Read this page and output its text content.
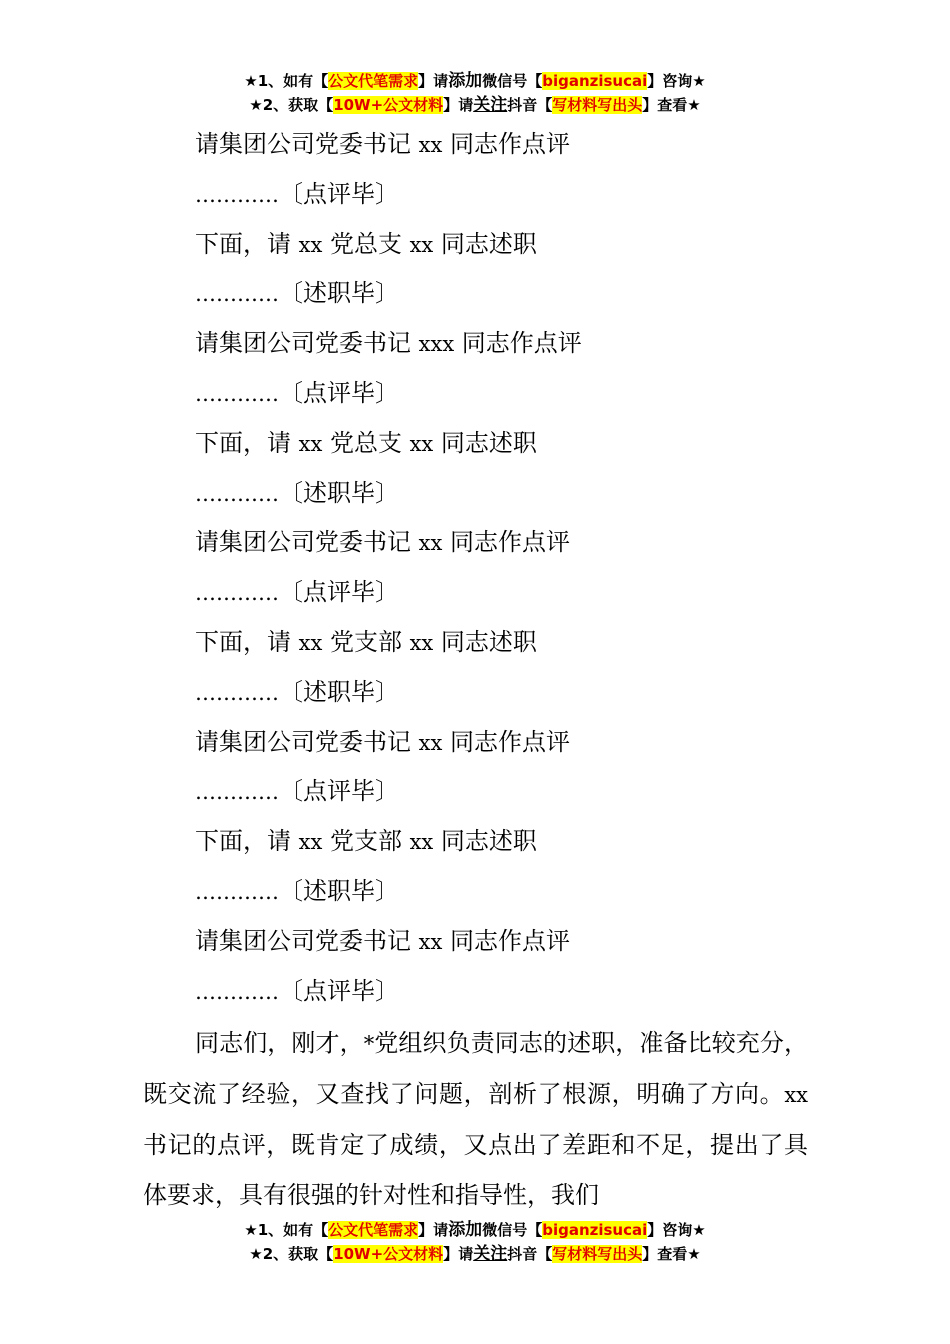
★1、如有【公文代笔需求】请添加微信号【biganzisucai】咨询★
★2、获取【10W+公文材料】请关注抖音【写材料写出头】查看★
请集团公司党委书记 xx 同志作点评
…………〔点评毕〕
下面，请 xx 党总支 xx 同志述职
…………〔述职毕〕
请集团公司党委书记 xxx 同志作点评
…………〔点评毕〕
下面，请 xx 党总支 xx 同志述职
…………〔述职毕〕
请集团公司党委书记 xx 同志作点评
…………〔点评毕〕
下面，请 xx 党支部 xx 同志述职
…………〔述职毕〕
请集团公司党委书记 xx 同志作点评
…………〔点评毕〕
下面，请 xx 党支部 xx 同志述职
…………〔述职毕〕
请集团公司党委书记 xx 同志作点评
…………〔点评毕〕
同志们，刚才，*党组织负责同志的述职，准备比较充分，既交流了经验，又查找了问题，剖析了根源，明确了方向。xx 书记的点评，既肯定了成绩，又点出了差距和不足，提出了具体要求，具有很强的针对性和指导性，我们
★1、如有【公文代笔需求】请添加微信号【biganzisucai】咨询★
★2、获取【10W+公文材料】请关注抖音【写材料写出头】查看★
